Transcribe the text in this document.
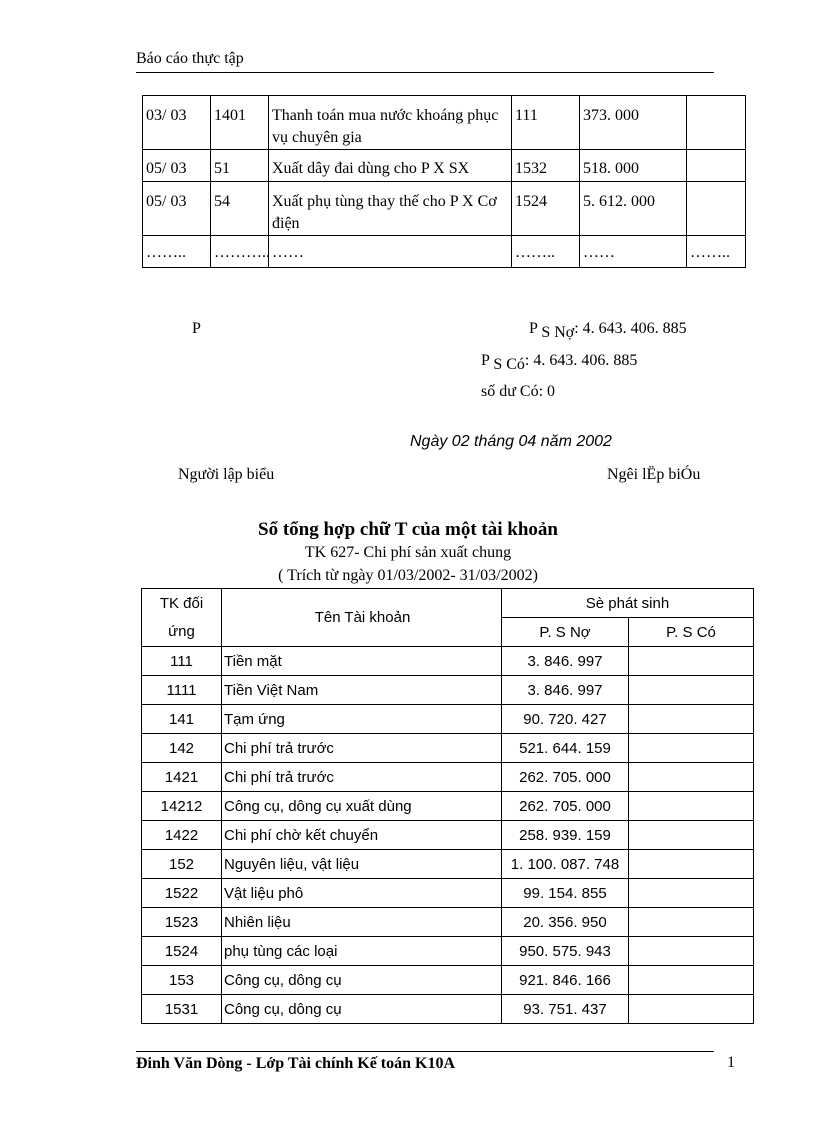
Báo cáo thực tập
03/ 03	1401	Thanh toán mua nước khoáng phục vụ chuyên gia	111	373. 000	
05/ 03	51	Xuất dây đai dùng cho P X SX	1532	518. 000	
05/ 03	54	Xuất phụ tùng thay thế cho P X Cơ điện	1524	5. 612. 000	
……..	………..	……	……..	……	……..
P	P S Nợ: 4. 643. 406. 885
P S Có: 4. 643. 406. 885
số dư Có: 0
Ngày 02 tháng 04 năm 2002
Người lập biểu	Ngêi lËp biÓu
Sổ tổng hợp chữ T của một tài khoản
TK 627- Chi phí sản xuất chung
( Trích từ ngày 01/03/2002- 31/03/2002)
TK đối
ứng	Tên Tài khoản	Sè phát sinh	
		P. S Nợ	P. S Có
111	Tiền mặt	3. 846. 997	
1111	Tiền Việt Nam	3. 846. 997	
141	Tạm ứng	90. 720. 427	
142	Chi phí trả trước	521. 644. 159	
1421	Chi phí trả trước	262. 705. 000	
14212	Công cụ, dông cụ xuất dùng	262. 705. 000	
1422	Chi phí chờ kết chuyển	258. 939. 159	
152	Nguyên liệu, vật liệu	1. 100. 087. 748	
1522	Vật liệu phô	99. 154. 855	
1523	Nhiên liệu	20. 356. 950	
1524	phụ tùng các loại	950. 575. 943	
153	Công cụ, dông cụ	921. 846. 166	
1531	Công cụ, dông cụ	93. 751. 437	
Đinh Văn Dòng - Lớp Tài chính Kế toán K10A	1
